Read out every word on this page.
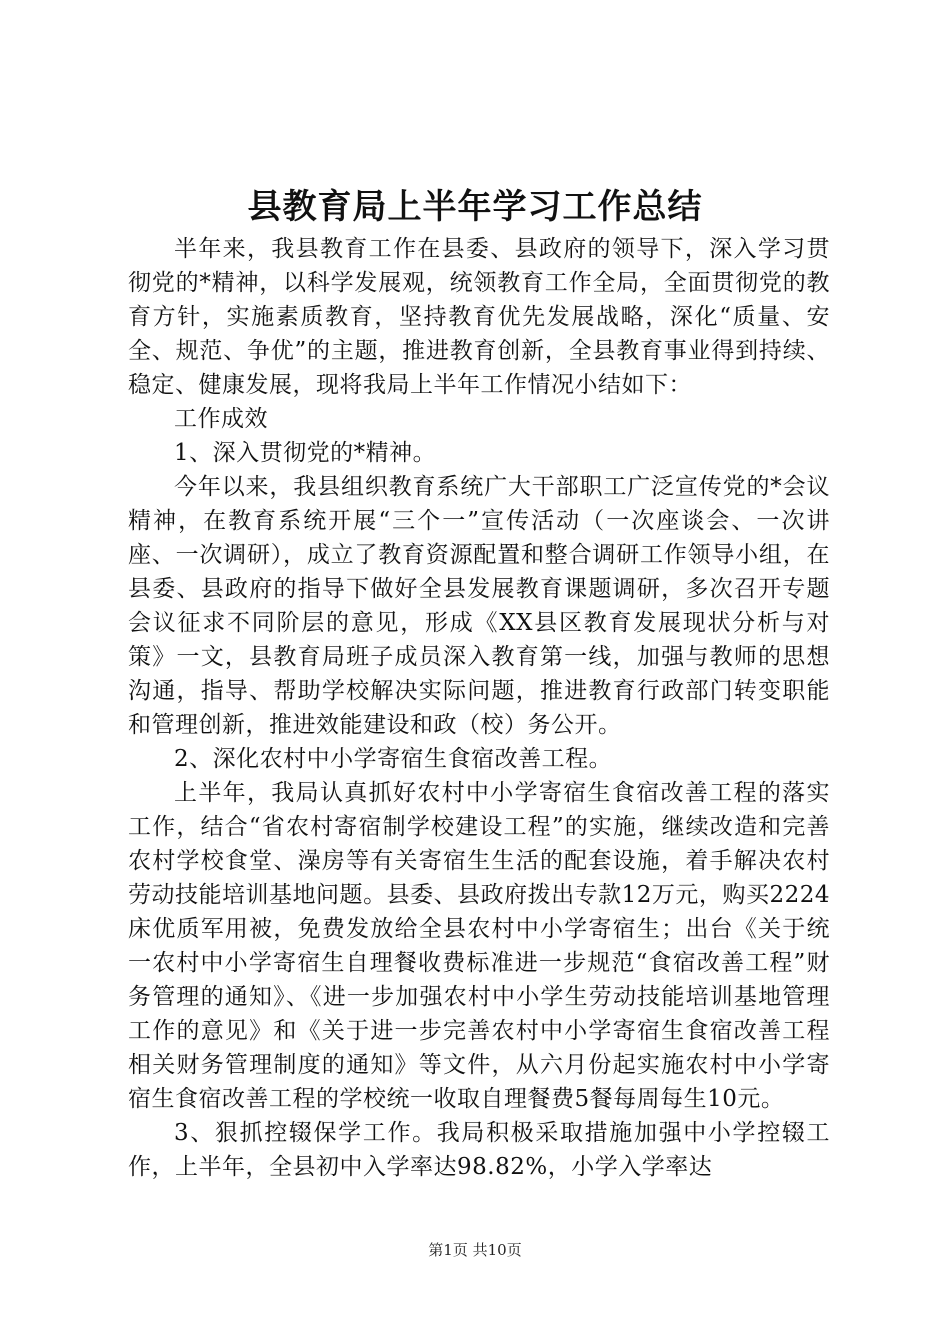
县教育局上半年学习工作总结

半年来，我县教育工作在县委、县政府的领导下，深入学习贯彻党的*精神，以科学发展观，统领教育工作全局，全面贯彻党的教育方针，实施素质教育，坚持教育优先发展战略，深化“质量、安全、规范、争优”的主题，推进教育创新，全县教育事业得到持续、稳定、健康发展，现将我局上半年工作情况小结如下：

工作成效

1、深入贯彻党的*精神。

今年以来，我县组织教育系统广大干部职工广泛宣传党的*会议精神，在教育系统开展“三个一”宣传活动（一次座谈会、一次讲座、一次调研），成立了教育资源配置和整合调研工作领导小组，在县委、县政府的指导下做好全县发展教育课题调研，多次召开专题会议征求不同阶层的意见，形成《XX县区教育发展现状分析与对策》一文，县教育局班子成员深入教育第一线，加强与教师的思想沟通，指导、帮助学校解决实际问题，推进教育行政部门转变职能和管理创新，推进效能建设和政（校）务公开。

2、深化农村中小学寄宿生食宿改善工程。

上半年，我局认真抓好农村中小学寄宿生食宿改善工程的落实工作，结合“省农村寄宿制学校建设工程”的实施，继续改造和完善农村学校食堂、澡房等有关寄宿生生活的配套设施，着手解决农村劳动技能培训基地问题。县委、县政府拨出专款12万元，购买2224床优质军用被，免费发放给全县农村中小学寄宿生；出台《关于统一农村中小学寄宿生自理餐收费标准进一步规范“食宿改善工程”财务管理的通知》、《进一步加强农村中小学生劳动技能培训基地管理工作的意见》和《关于进一步完善农村中小学寄宿生食宿改善工程相关财务管理制度的通知》等文件，从六月份起实施农村中小学寄宿生食宿改善工程的学校统一收取自理餐费5餐每周每生10元。

3、狠抓控辍保学工作。我局积极采取措施加强中小学控辍工作，上半年，全县初中入学率达98.82%，小学入学率达

第1页 共10页
